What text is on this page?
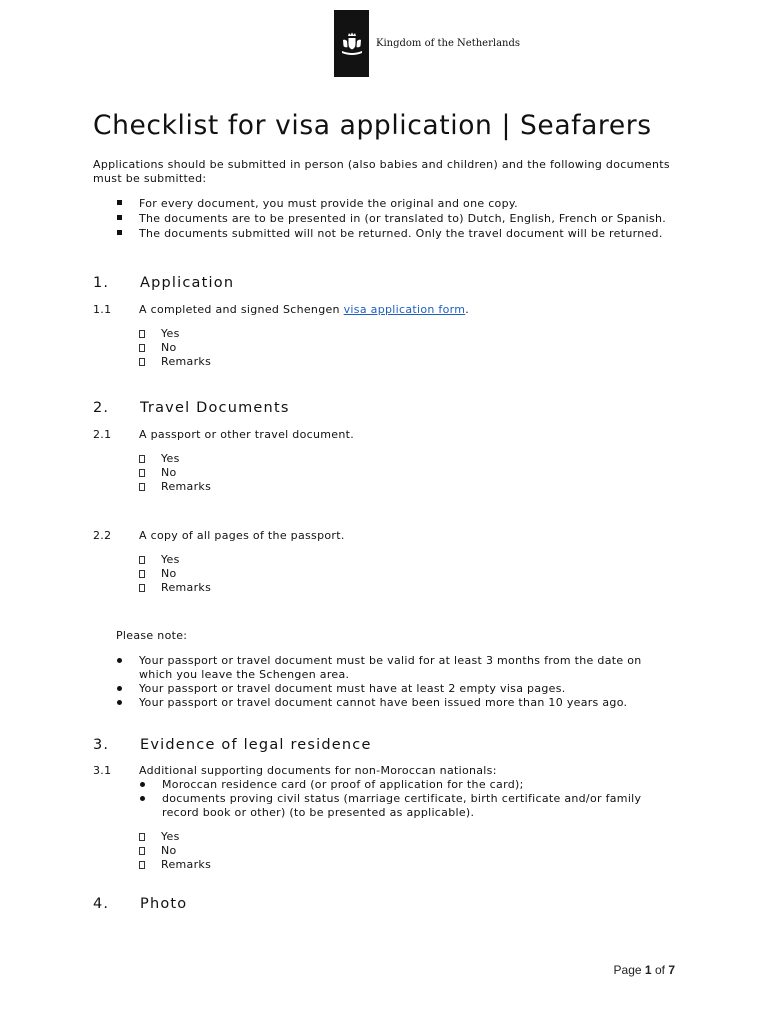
Kingdom of the Netherlands
Checklist for visa application | Seafarers
Applications should be submitted in person (also babies and children) and the following documents must be submitted:
For every document, you must provide the original and one copy.
The documents are to be presented in (or translated to) Dutch, English, French or Spanish.
The documents submitted will not be returned. Only the travel document will be returned.
1. Application
1.1	A completed and signed Schengen visa application form.
Yes
No
Remarks
2. Travel Documents
2.1	A passport or other travel document.
Yes
No
Remarks
2.2	A copy of all pages of the passport.
Yes
No
Remarks
Please note:
Your passport or travel document must be valid for at least 3 months from the date on which you leave the Schengen area.
Your passport or travel document must have at least 2 empty visa pages.
Your passport or travel document cannot have been issued more than 10 years ago.
3. Evidence of legal residence
3.1	Additional supporting documents for non-Moroccan nationals:
Moroccan residence card (or proof of application for the card);
documents proving civil status (marriage certificate, birth certificate and/or family record book or other) (to be presented as applicable).
Yes
No
Remarks
4. Photo
Page 1 of 7
